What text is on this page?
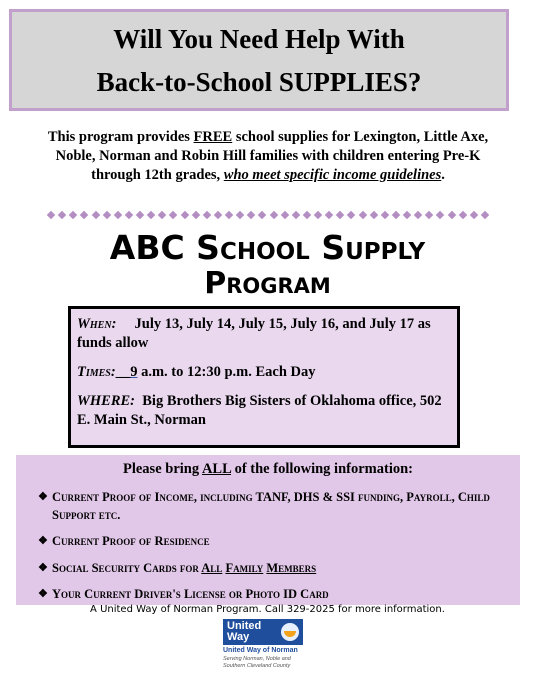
Will You Need Help With
Back-to-School SUPPLIES?
This program provides FREE school supplies for Lexington, Little Axe, Noble, Norman and Robin Hill families with children entering Pre-K through 12th grades, who meet specific income guidelines.
ABC School Supply
Program
When: July 13, July 14, July 15, July 16, and July 17 as funds allow
Times:__9 a.m. to 12:30 p.m. Each Day
WHERE: Big Brothers Big Sisters of Oklahoma office, 502 E. Main St., Norman
Please bring ALL of the following information:
❖ Current Proof of Income, including TANF, DHS & SSI funding, Payroll, Child Support etc.
❖ Current Proof of Residence
❖ Social Security Cards for All Family Members
❖ Your Current Driver's License or Photo ID Card
A United Way of Norman Program. Call 329-2025 for more information.
United
Way
United Way of Norman
Serving Norman, Noble and Southern Cleveland County
